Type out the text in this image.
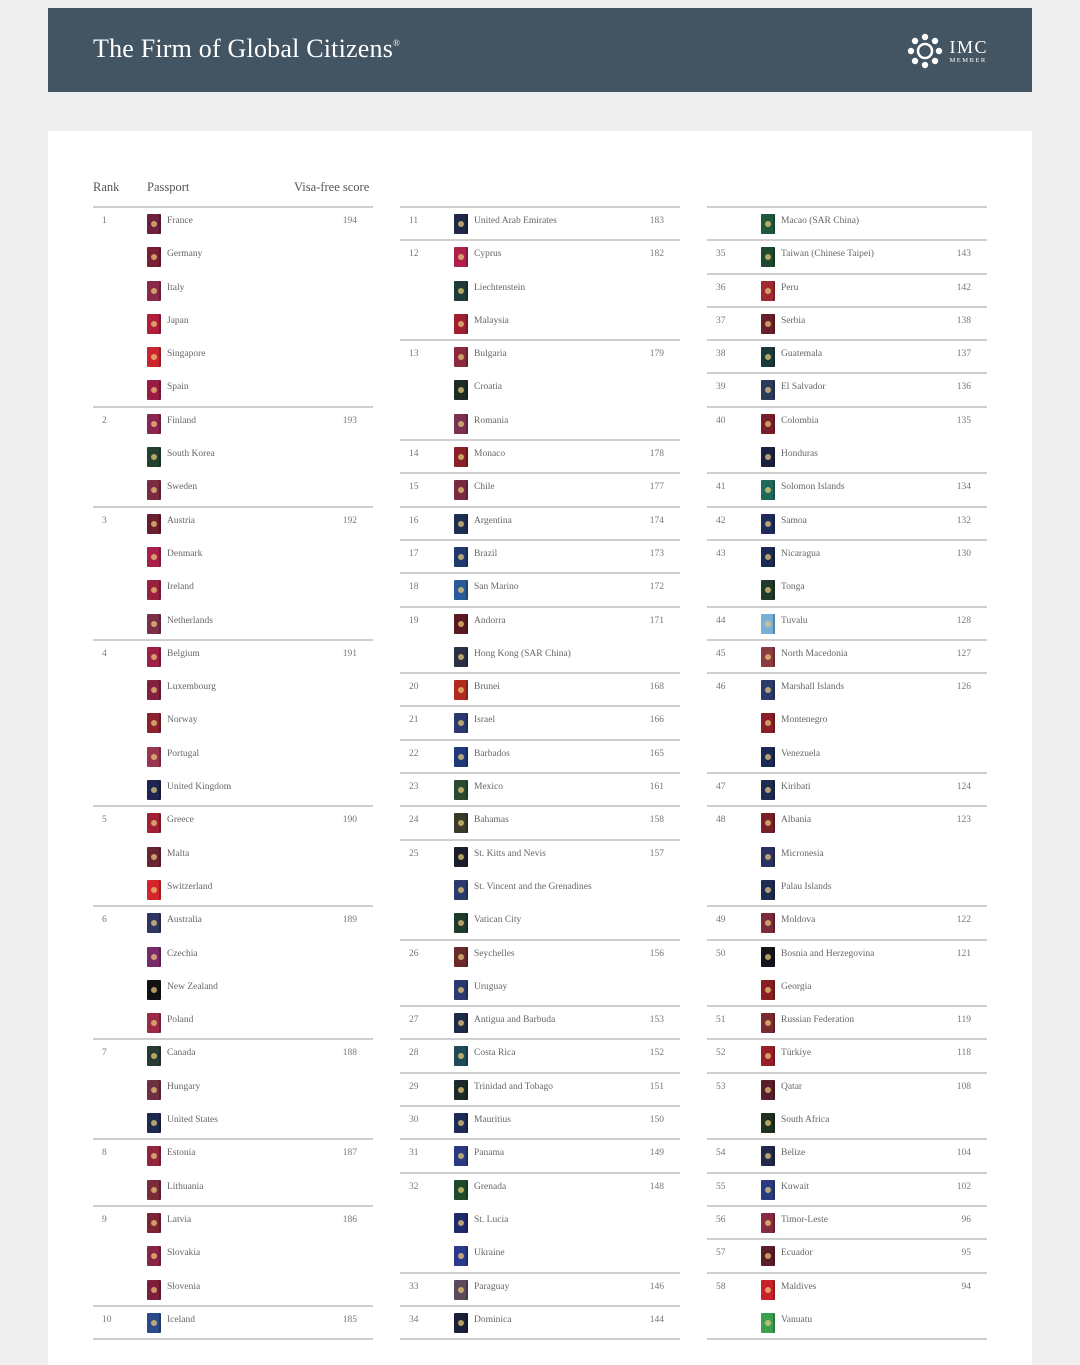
The Firm of Global Citizens®	IMC
MEMBER
Rank Passport	Visa-free score
1	France	194
Germany
Italy
Japan
Singapore
Spain
2	Finland	193
South Korea
Sweden
3	Austria	192
Denmark
Ireland
Netherlands
4	Belgium	191
Luxembourg
Norway
Portugal
United Kingdom
5	Greece	190
Malta
Switzerland
6	Australia	189
Czechia
New Zealand
Poland
7	Canada	188
Hungary
United States
8	Estonia	187
Lithuania
9	Latvia	186
Slovakia
Slovenia
10	Iceland	185
11	United Arab Emirates	183
12	Cyprus	182
Liechtenstein
Malaysia
13	Bulgaria	179
Croatia
Romania
14	Monaco	178
15	Chile	177
16	Argentina	174
17	Brazil	173
18	San Marino	172
19	Andorra	171
Hong Kong (SAR China)
20	Brunei	168
21	Israel	166
22	Barbados	165
23	Mexico	161
24	Bahamas	158
25	St. Kitts and Nevis	157
St. Vincent and the Grenadines
Vatican City
26	Seychelles	156
Uruguay
27	Antigua and Barbuda	153
28	Costa Rica	152
29	Trinidad and Tobago	151
30	Mauritius	150
31	Panama	149
32	Grenada	148
St. Lucia
Ukraine
33	Paraguay	146
34	Dominica	144
Macao (SAR China)
35	Taiwan (Chinese Taipei)	143
36	Peru	142
37	Serbia	138
38	Guatemala	137
39	El Salvador	136
40	Colombia	135
Honduras
41	Solomon Islands	134
42	Samoa	132
43	Nicaragua	130
Tonga
44	Tuvalu	128
45	North Macedonia	127
46	Marshall Islands	126
Montenegro
Venezuela
47	Kiribati	124
48	Albania	123
Micronesia
Palau Islands
49	Moldova	122
50	Bosnia and Herzegovina	121
Georgia
51	Russian Federation	119
52	Türkiye	118
53	Qatar	108
South Africa
54	Belize	104
55	Kuwait	102
56	Timor-Leste	96
57	Ecuador	95
58	Maldives	94
Vanuatu
